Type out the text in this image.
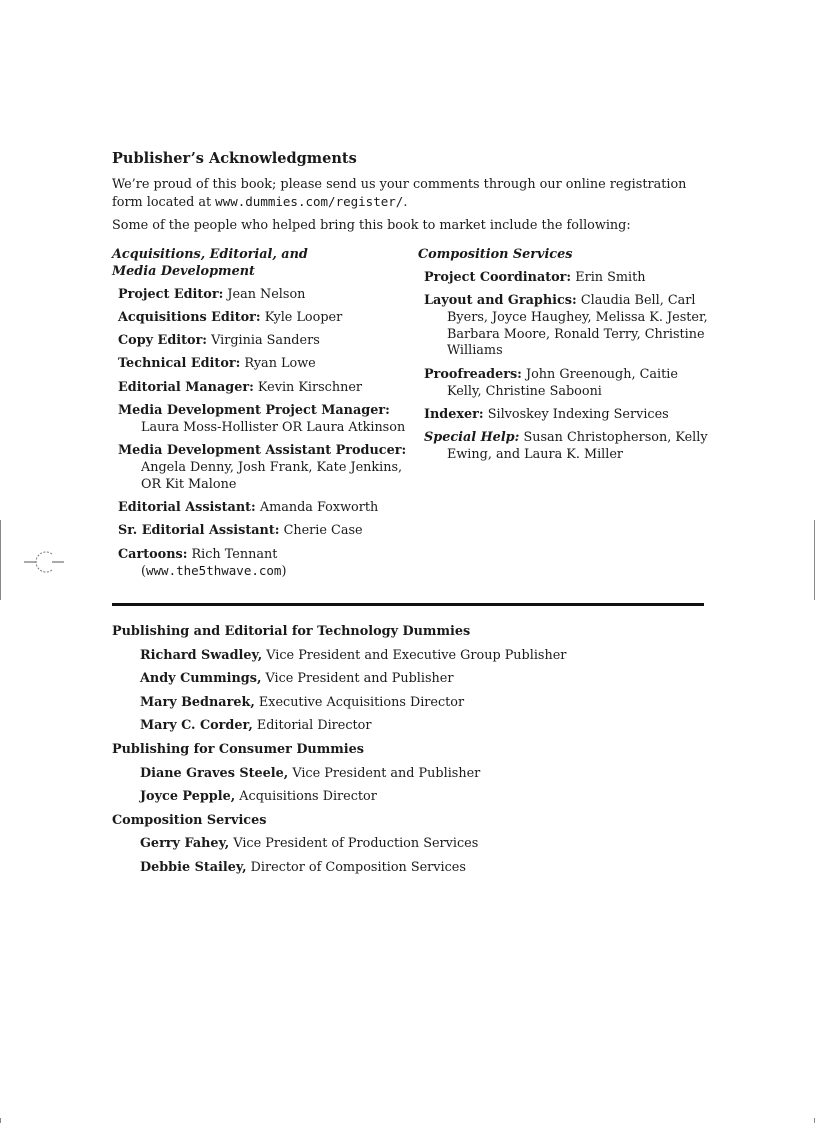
Publisher’s Acknowledgments

We’re proud of this book; please send us your comments through our online registration form located at www.dummies.com/register/.

Some of the people who helped bring this book to market include the following:

Acquisitions, Editorial, and
Media Development
Project Editor: Jean Nelson
Acquisitions Editor: Kyle Looper
Copy Editor: Virginia Sanders
Technical Editor: Ryan Lowe
Editorial Manager: Kevin Kirschner
Media Development Project Manager:
Laura Moss-Hollister OR Laura Atkinson
Media Development Assistant Producer:
Angela Denny, Josh Frank, Kate Jenkins, OR Kit Malone
Editorial Assistant: Amanda Foxworth
Sr. Editorial Assistant: Cherie Case
Cartoons: Rich Tennant
(www.the5thwave.com)
Composition Services
Project Coordinator: Erin Smith
Layout and Graphics: Claudia Bell, Carl Byers, Joyce Haughey, Melissa K. Jester, Barbara Moore, Ronald Terry, Christine Williams
Proofreaders: John Greenough, Caitie Kelly, Christine Sabooni
Indexer: Silvoskey Indexing Services
Special Help: Susan Christopherson, Kelly Ewing, and Laura K. Miller
Publishing and Editorial for Technology Dummies
Richard Swadley, Vice President and Executive Group Publisher
Andy Cummings, Vice President and Publisher
Mary Bednarek, Executive Acquisitions Director
Mary C. Corder, Editorial Director
Publishing for Consumer Dummies
Diane Graves Steele, Vice President and Publisher
Joyce Pepple, Acquisitions Director
Composition Services
Gerry Fahey, Vice President of Production Services
Debbie Stailey, Director of Composition Services
